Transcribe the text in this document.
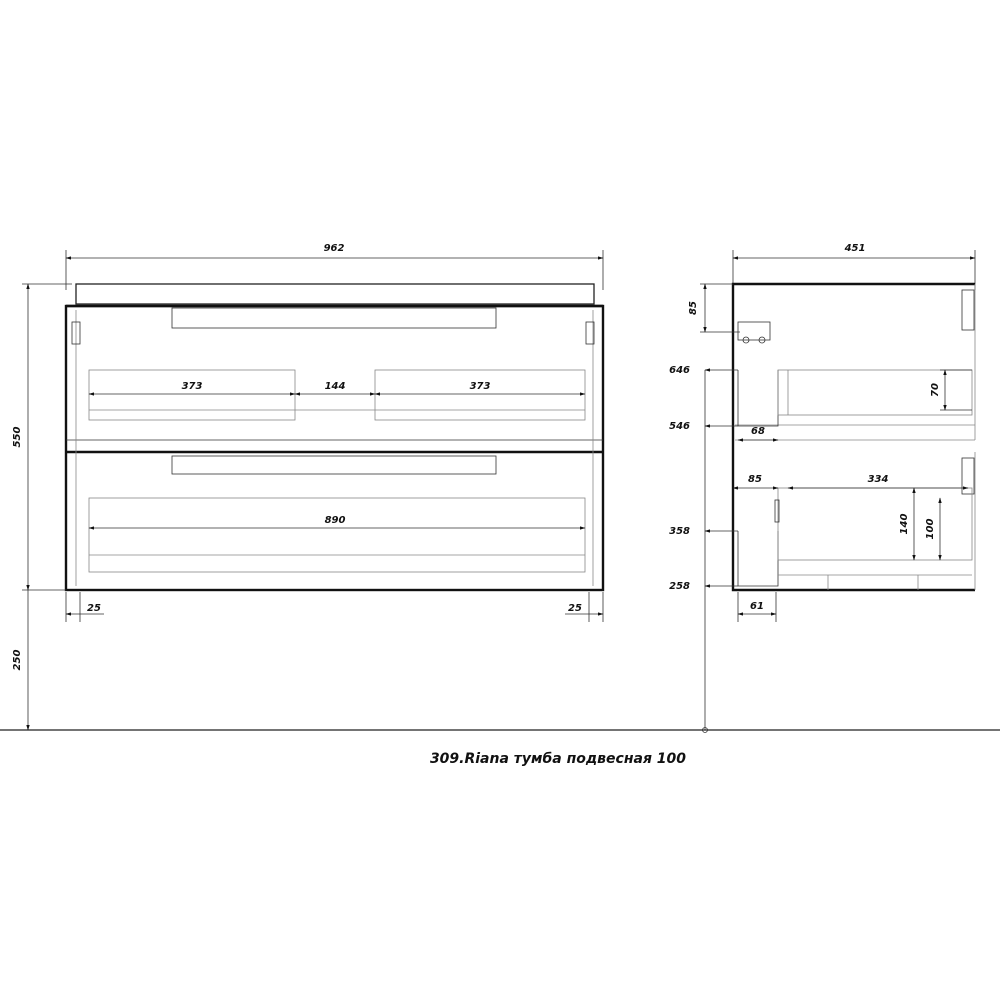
962
373	144	373
890
25	25
550
250
451
85
646
546
358
258
70
68
85	334
140 100
61
309.Riana тумба подвесная 100
